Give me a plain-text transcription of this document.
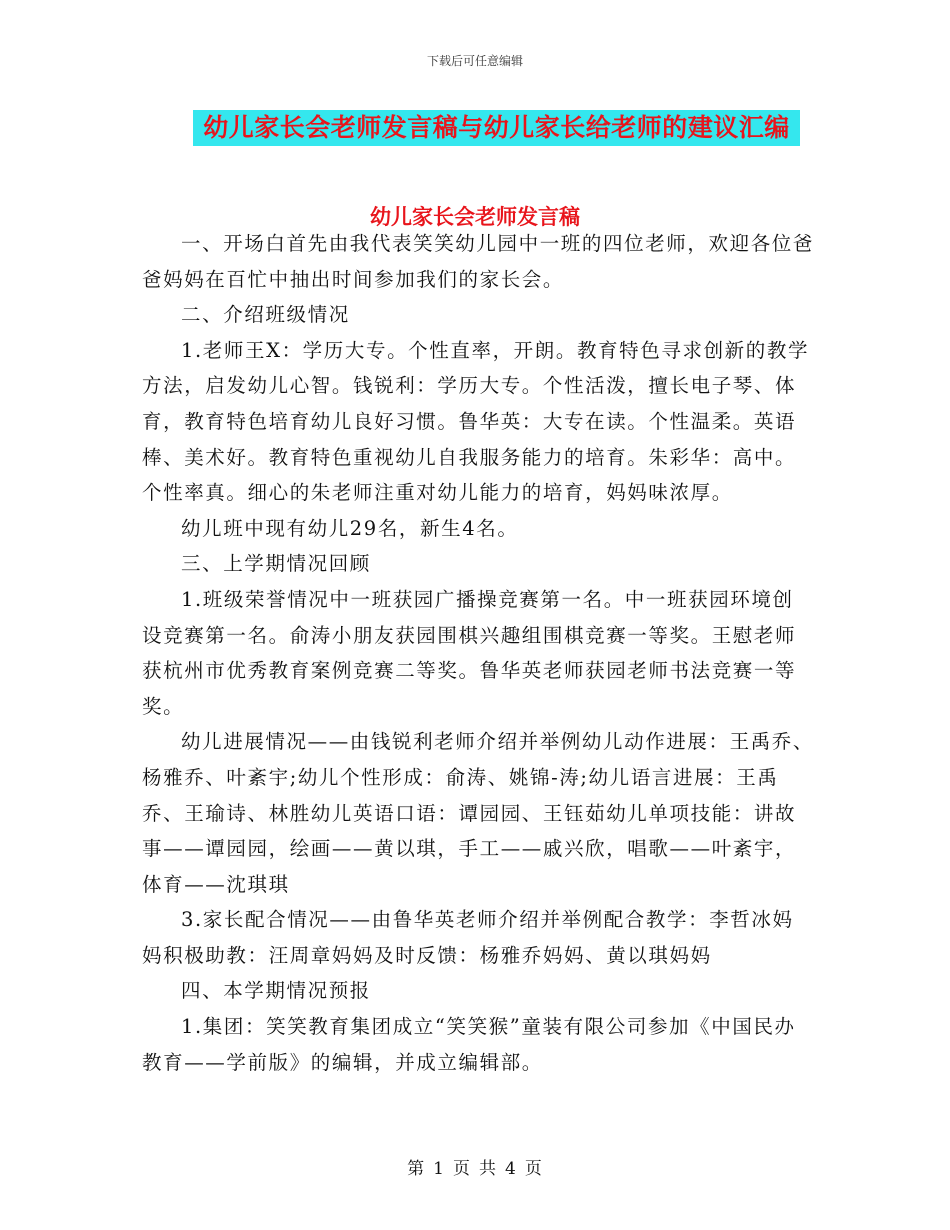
下载后可任意编辑
幼儿家长会老师发言稿与幼儿家长给老师的建议汇编
幼儿家长会老师发言稿

一、开场白首先由我代表笑笑幼儿园中一班的四位老师，欢迎各位爸爸妈妈在百忙中抽出时间参加我们的家长会。

二、介绍班级情况

1.老师王X：学历大专。个性直率，开朗。教育特色寻求创新的教学方法，启发幼儿心智。钱锐利：学历大专。个性活泼，擅长电子琴、体育，教育特色培育幼儿良好习惯。鲁华英：大专在读。个性温柔。英语棒、美术好。教育特色重视幼儿自我服务能力的培育。朱彩华：高中。个性率真。细心的朱老师注重对幼儿能力的培育，妈妈味浓厚。

幼儿班中现有幼儿29名，新生4名。

三、上学期情况回顾

1.班级荣誉情况中一班获园广播操竞赛第一名。中一班获园环境创设竞赛第一名。俞涛小朋友获园围棋兴趣组围棋竞赛一等奖。王慰老师获杭州市优秀教育案例竞赛二等奖。鲁华英老师获园老师书法竞赛一等奖。

幼儿进展情况——由钱锐利老师介绍并举例幼儿动作进展：王禹乔、杨雅乔、叶紊宇;幼儿个性形成：俞涛、姚锦-涛;幼儿语言进展：王禹乔、王瑜诗、林胜幼儿英语口语：谭园园、王钰茹幼儿单项技能：讲故事——谭园园，绘画——黄以琪，手工——戚兴欣，唱歌——叶紊宇，体育——沈琪琪

3.家长配合情况——由鲁华英老师介绍并举例配合教学：李哲冰妈妈积极助教：汪周章妈妈及时反馈：杨雅乔妈妈、黄以琪妈妈

四、本学期情况预报

1.集团：笑笑教育集团成立“笑笑猴”童装有限公司参加《中国民办教育——学前版》的编辑，并成立编辑部。

第 1 页 共 4 页
